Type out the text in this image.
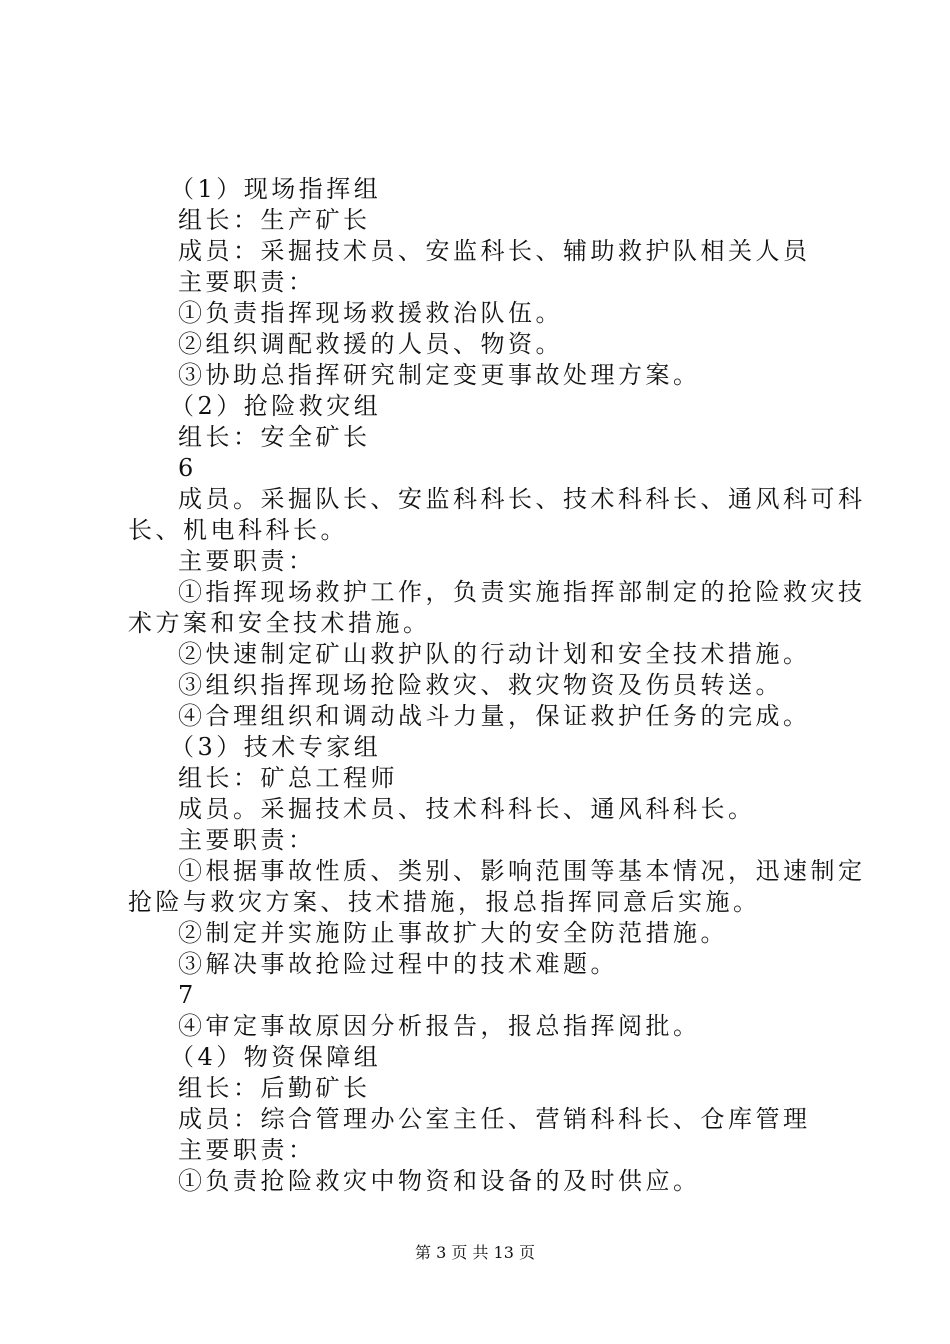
（1）现场指挥组
组长：生产矿长
成员：采掘技术员、安监科长、辅助救护队相关人员
主要职责：
①负责指挥现场救援救治队伍。
②组织调配救援的人员、物资。
③协助总指挥研究制定变更事故处理方案。
（2）抢险救灾组
组长：安全矿长
6
成员。采掘队长、安监科科长、技术科科长、通风科可科
长、机电科科长。
主要职责：
①指挥现场救护工作，负责实施指挥部制定的抢险救灾技
术方案和安全技术措施。
②快速制定矿山救护队的行动计划和安全技术措施。
③组织指挥现场抢险救灾、救灾物资及伤员转送。
④合理组织和调动战斗力量，保证救护任务的完成。
（3）技术专家组
组长：矿总工程师
成员。采掘技术员、技术科科长、通风科科长。
主要职责：
①根据事故性质、类别、影响范围等基本情况，迅速制定
抢险与救灾方案、技术措施，报总指挥同意后实施。
②制定并实施防止事故扩大的安全防范措施。
③解决事故抢险过程中的技术难题。
7
④审定事故原因分析报告，报总指挥阅批。
（4）物资保障组
组长：后勤矿长
成员：综合管理办公室主任、营销科科长、仓库管理
主要职责：
①负责抢险救灾中物资和设备的及时供应。
第 3 页 共 13 页
